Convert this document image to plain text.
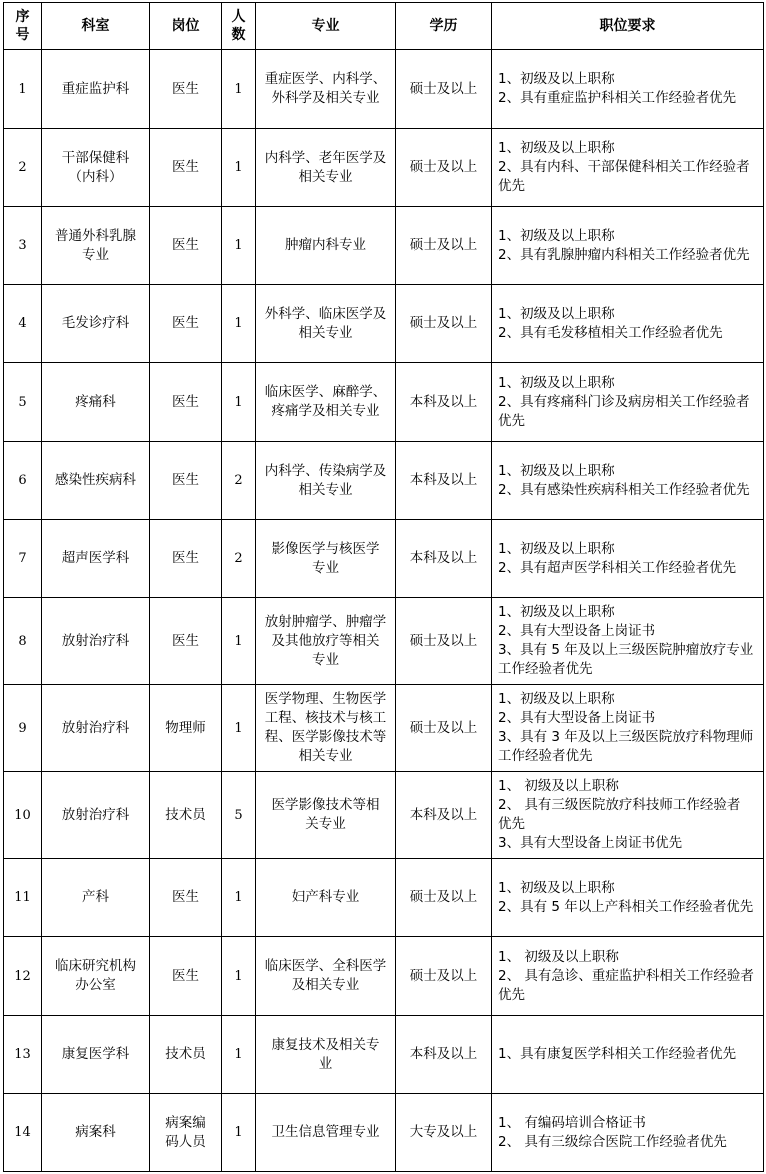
序
号	科室	岗位	人
数	专业	学历	职位要求
1	重症监护科	医生	1	重症医学、内科学、
外科学及相关专业	硕士及以上	1、初级及以上职称
2、具有重症监护科相关工作经验者优先

2	干部保健科
（内科）	医生	1	内科学、老年医学及
相关专业	硕士及以上	1、初级及以上职称
2、具有内科、干部保健科相关工作经验者
优先

3	普通外科乳腺
专业	医生	1	肿瘤内科专业	硕士及以上	1、初级及以上职称
2、具有乳腺肿瘤内科相关工作经验者优先

4	毛发诊疗科	医生	1	外科学、临床医学及
相关专业	硕士及以上	1、初级及以上职称
2、具有毛发移植相关工作经验者优先

5	疼痛科	医生	1	临床医学、麻醉学、
疼痛学及相关专业	本科及以上	1、初级及以上职称
2、具有疼痛科门诊及病房相关工作经验者
优先

6	感染性疾病科	医生	2	内科学、传染病学及
相关专业	本科及以上	1、初级及以上职称
2、具有感染性疾病科相关工作经验者优先

7	超声医学科	医生	2	影像医学与核医学
专业	本科及以上	1、初级及以上职称
2、具有超声医学科相关工作经验者优先

8	放射治疗科	医生	1	放射肿瘤学、肿瘤学
及其他放疗等相关
专业	硕士及以上	1、初级及以上职称
2、具有大型设备上岗证书
3、具有 5 年及以上三级医院肿瘤放疗专业
工作经验者优先

9	放射治疗科	物理师	1	医学物理、生物医学
工程、核技术与核工
程、医学影像技术等
相关专业	硕士及以上	1、初级及以上职称
2、具有大型设备上岗证书
3、具有 3 年及以上三级医院放疗科物理师
工作经验者优先

10	放射治疗科	技术员	5	医学影像技术等相
关专业	本科及以上	1、 初级及以上职称
2、 具有三级医院放疗科技师工作经验者
优先
3、具有大型设备上岗证书优先

11	产科	医生	1	妇产科专业	硕士及以上	1、初级及以上职称
2、具有 5 年以上产科相关工作经验者优先

12	临床研究机构
办公室	医生	1	临床医学、全科医学
及相关专业	硕士及以上	1、 初级及以上职称
2、 具有急诊、重症监护科相关工作经验者
优先

13	康复医学科	技术员	1	康复技术及相关专
业	本科及以上	1、具有康复医学科相关工作经验者优先

14	病案科	病案编
码人员	1	卫生信息管理专业	大专及以上	1、 有编码培训合格证书
2、 具有三级综合医院工作经验者优先
